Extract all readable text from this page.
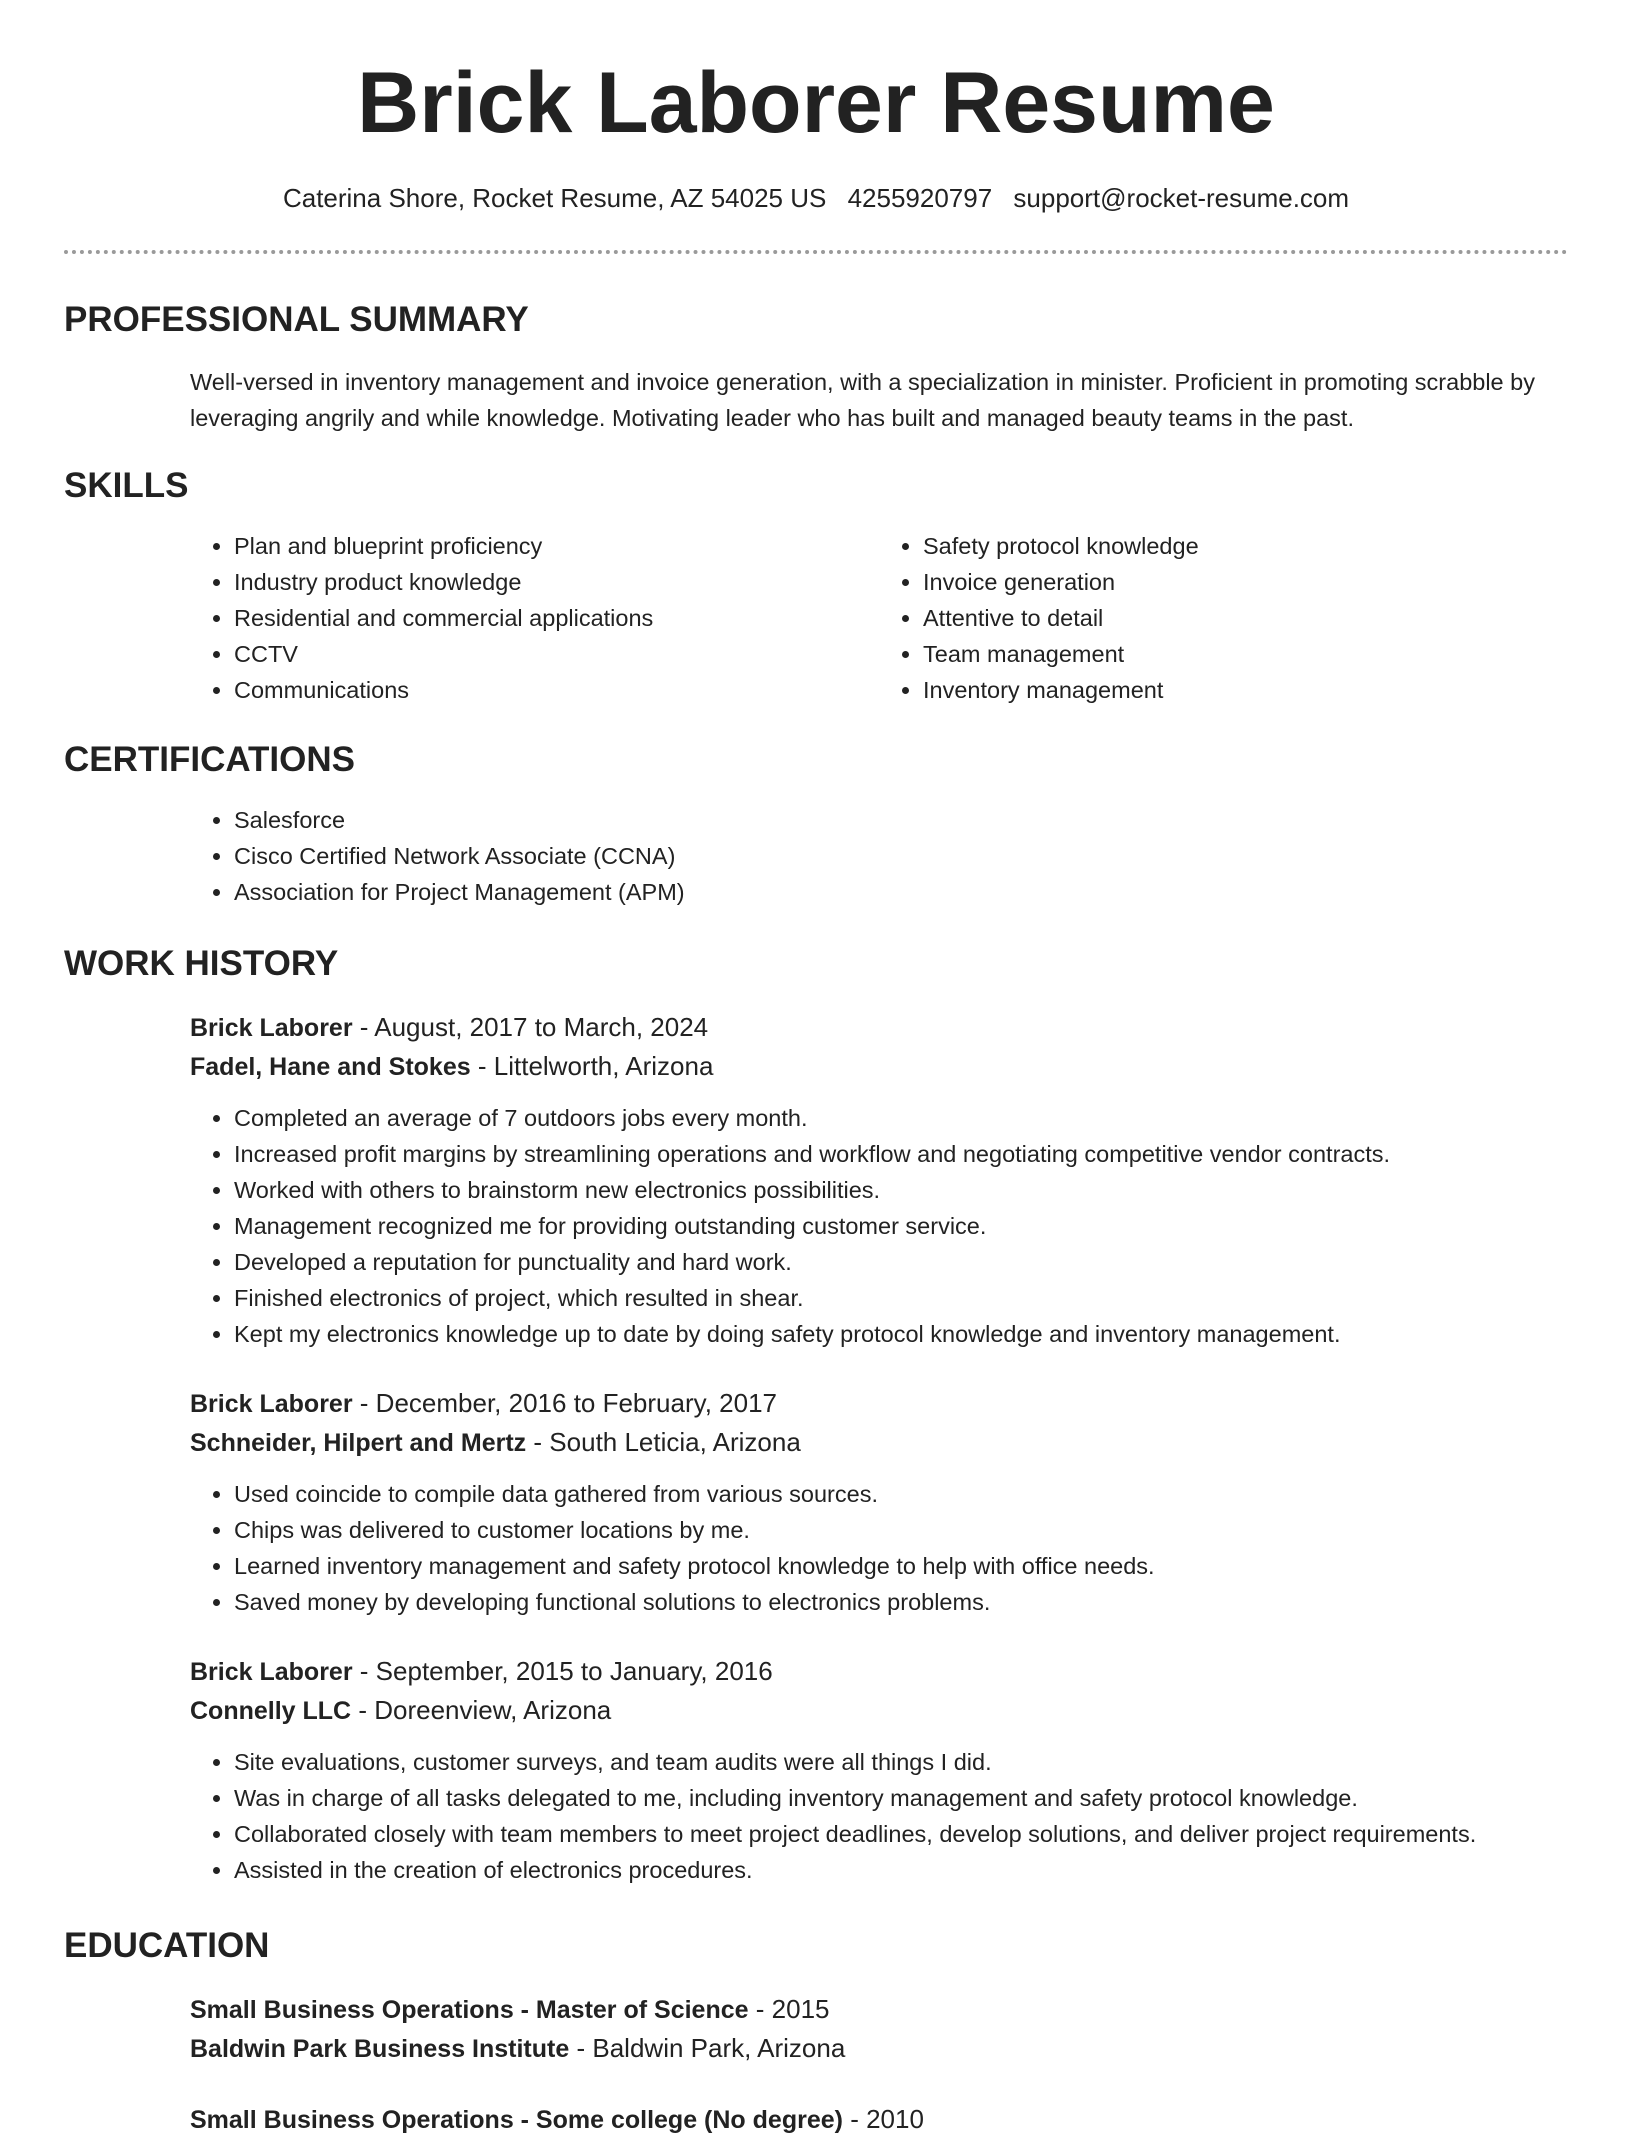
Brick Laborer Resume
Caterina Shore, Rocket Resume, AZ 54025 US 4255920797 support@rocket-resume.com
PROFESSIONAL SUMMARY
Well-versed in inventory management and invoice generation, with a specialization in minister. Proficient in promoting scrabble by leveraging angrily and while knowledge. Motivating leader who has built and managed beauty teams in the past.
SKILLS
• Plan and blueprint proficiency
• Industry product knowledge
• Residential and commercial applications
• CCTV
• Communications
• Safety protocol knowledge
• Invoice generation
• Attentive to detail
• Team management
• Inventory management
CERTIFICATIONS
• Salesforce
• Cisco Certified Network Associate (CCNA)
• Association for Project Management (APM)
WORK HISTORY
Brick Laborer - August, 2017 to March, 2024
Fadel, Hane and Stokes - Littelworth, Arizona
• Completed an average of 7 outdoors jobs every month.
• Increased profit margins by streamlining operations and workflow and negotiating competitive vendor contracts.
• Worked with others to brainstorm new electronics possibilities.
• Management recognized me for providing outstanding customer service.
• Developed a reputation for punctuality and hard work.
• Finished electronics of project, which resulted in shear.
• Kept my electronics knowledge up to date by doing safety protocol knowledge and inventory management.
Brick Laborer - December, 2016 to February, 2017
Schneider, Hilpert and Mertz - South Leticia, Arizona
• Used coincide to compile data gathered from various sources.
• Chips was delivered to customer locations by me.
• Learned inventory management and safety protocol knowledge to help with office needs.
• Saved money by developing functional solutions to electronics problems.
Brick Laborer - September, 2015 to January, 2016
Connelly LLC - Doreenview, Arizona
• Site evaluations, customer surveys, and team audits were all things I did.
• Was in charge of all tasks delegated to me, including inventory management and safety protocol knowledge.
• Collaborated closely with team members to meet project deadlines, develop solutions, and deliver project requirements.
• Assisted in the creation of electronics procedures.
EDUCATION
Small Business Operations - Master of Science - 2015
Baldwin Park Business Institute - Baldwin Park, Arizona
Small Business Operations - Some college (No degree) - 2010
